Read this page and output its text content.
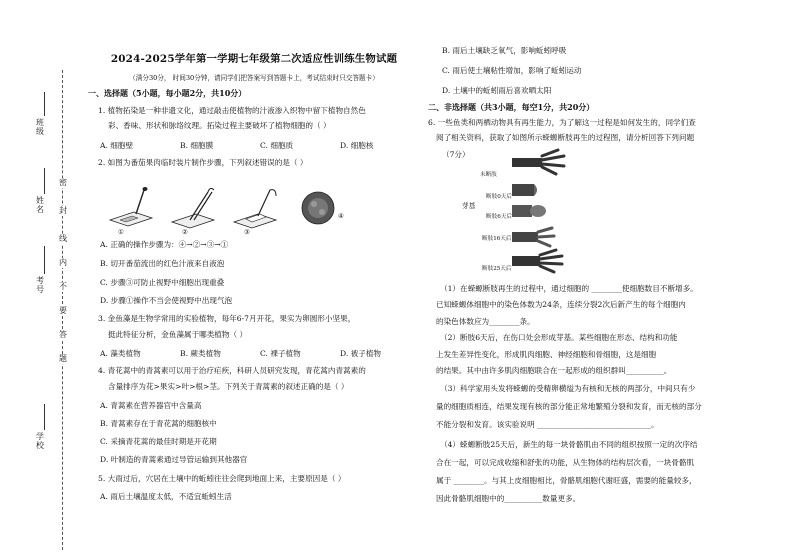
密
封
线
内
不
要
答
题
班级
姓名
考号
学校
2024-2025学年第一学期七年级第二次适应性训练生物试题
（满分30分， 时间30分钟，请同学们把答案写到答题卡上，考试结束时只交答题卡）
一、选择题（5小题，每小题2分，共10分）
1. 植物拓染是一种非遗文化，通过敲击使植物的汁液渗入织物中留下植物自然色
彩、香味、形状和脉络纹理。拓染过程主要破坏了植物细胞的（ ）
A. 细胞壁	B. 细胞膜	C. 细胞质	D. 细胞核
2. 如图为番茄果肉临时装片制作步骤，下列叙述错误的是（ ）
①	②	③
④
A. 正确的操作步骤为：④→②→③→①
B. 切开番茄流出的红色汁液来自液泡
C. 步骤③可防止视野中细胞出现重叠
D. 步骤①操作不当会使视野中出现气泡
3. 金鱼藻是生物学常用的实验植物，每年6-7月开花，果实为卵圆形小坚果，
挺此特征分析，金鱼藻属于哪类植物（ ）
A. 藻类植物	B. 蕨类植物	C. 裸子植物	D. 被子植物
4. 青花蒿中的青蒿素可以用于治疗疟疾，科研人员研究发现，青花蒿内青蒿素的
含量排序为花>果实>叶>根>茎。下列关于青蒿素的叙述正确的是（ ）
A. 青蒿素在营养器官中含量高
B. 青蒿素存在于青花蒿的细胞核中
C. 采摘青花蒿的最佳时期是开花期
D. 叶制造的青蒿素通过导管运输到其他器官
5. 大雨过后，穴居在土壤中的蚯蚓往往会爬到地面上来，主要原因是（ ）
A. 雨后土壤温度太低，不适宜蚯蚓生活
B. 雨后土壤缺乏氧气，影响蚯蚓呼吸
C. 雨后使土壤粘性增加，影响了蚯蚓运动
D. 土壤中的蚯蚓雨后喜欢晒太阳
二、非选择题（共3小题，每空1分，共20分）
6. 一些鱼类和两栖动物具有再生能力，为了解这一过程是如何发生的，同学们查
阅了相关资料，获取了如图所示蝾螈断肢再生的过程图，请分析回答下列问题
（7分）
未断肢
断肢0天后
芽基
断肢6天后
断肢16天后
断肢25天后
（1）在蝾螈断肢再生的过程中，通过细胞的 ________使细胞数目不断增多。
已知蝾螈体细胞中的染色体数为24条，连续分裂2次后新产生的每个细胞内
的染色体数应为________条。
（2）断肢6天后，在伤口处会形成芽基。某些细胞在形态、结构和功能
上发生差异性变化，形成肌肉细胞、神经细胞和骨细胞，这是细胞
的结果。其中由许多肌肉细胞联合在一起形成的组织群叫__________。
（3）科学家用头发将蝾螈的受精卵横缢为有核和无核的两部分，中间只有少
量的细胞质相连，结果发现有核的部分能正常地繁殖分裂和发育，而无核的部分
不能分裂和发育。该实验说明 ______________________________。
（4）蝾螈断肢25天后，新生的每一块骨骼肌由不同的组织按照一定的次序结
合在一起，可以完成收缩和舒张的功能，从生物体的结构层次看，一块骨骼肌
属于 ________。与其上皮细胞相比，骨骼肌细胞代谢旺盛，需要的能量较多，
因此骨骼肌细胞中的__________数量更多。
